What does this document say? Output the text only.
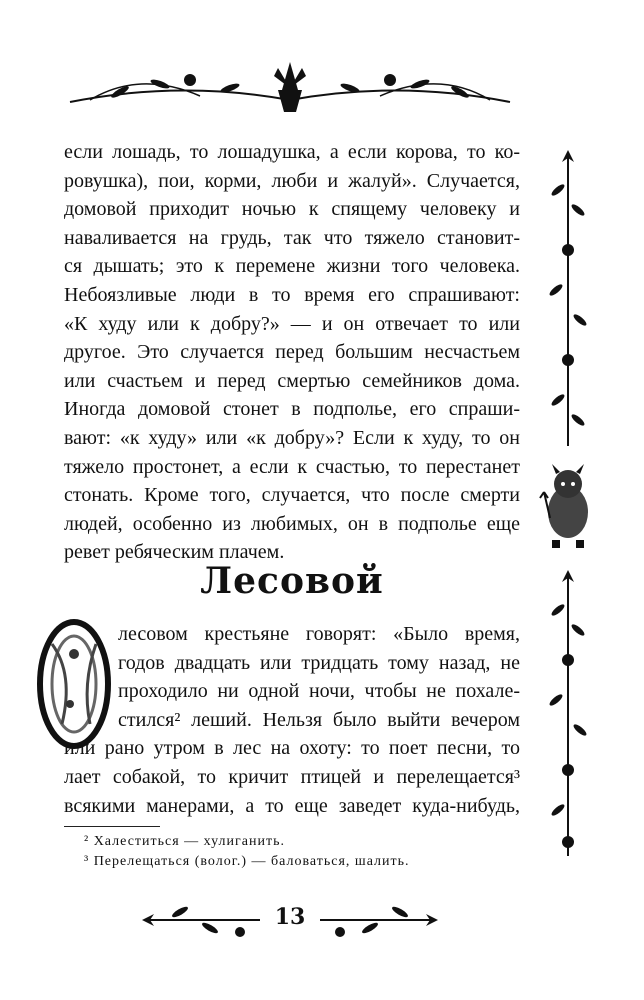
если лошадь, то лошадушка, а если корова, то ко-
ровушка), пои, корми, люби и жалуй». Случается,
домовой приходит ночью к спящему человеку и
наваливается на грудь, так что тяжело становит-
ся дышать; это к перемене жизни того человека.
Небоязливые люди в то время его спрашивают:
«К худу или к добру?» — и он отвечает то или
другое. Это случается перед большим несчастьем
или счастьем и перед смертью семейников дома.
Иногда домовой стонет в подполье, его спраши-
вают: «к худу» или «к добру»? Если к худу, то он
тяжело простонет, а если к счастью, то перестанет
стонать. Кроме того, случается, что после смерти
людей, особенно из любимых, он в подполье еще
ревет ребяческим плачем.
Лесовой
лесовом крестьяне говорят: «Было время,
годов двадцать или тридцать тому назад, не
проходило ни одной ночи, чтобы не похале-
стился² леший. Нельзя было выйти вечером
или рано утром в лес на охоту: то поет песни, то
лает собакой, то кричит птицей и перелещается³
всякими манерами, а то еще заведет куда-нибудь,
² Халеститься — хулиганить.
³ Перелещаться (волог.) — баловаться, шалить.
13
